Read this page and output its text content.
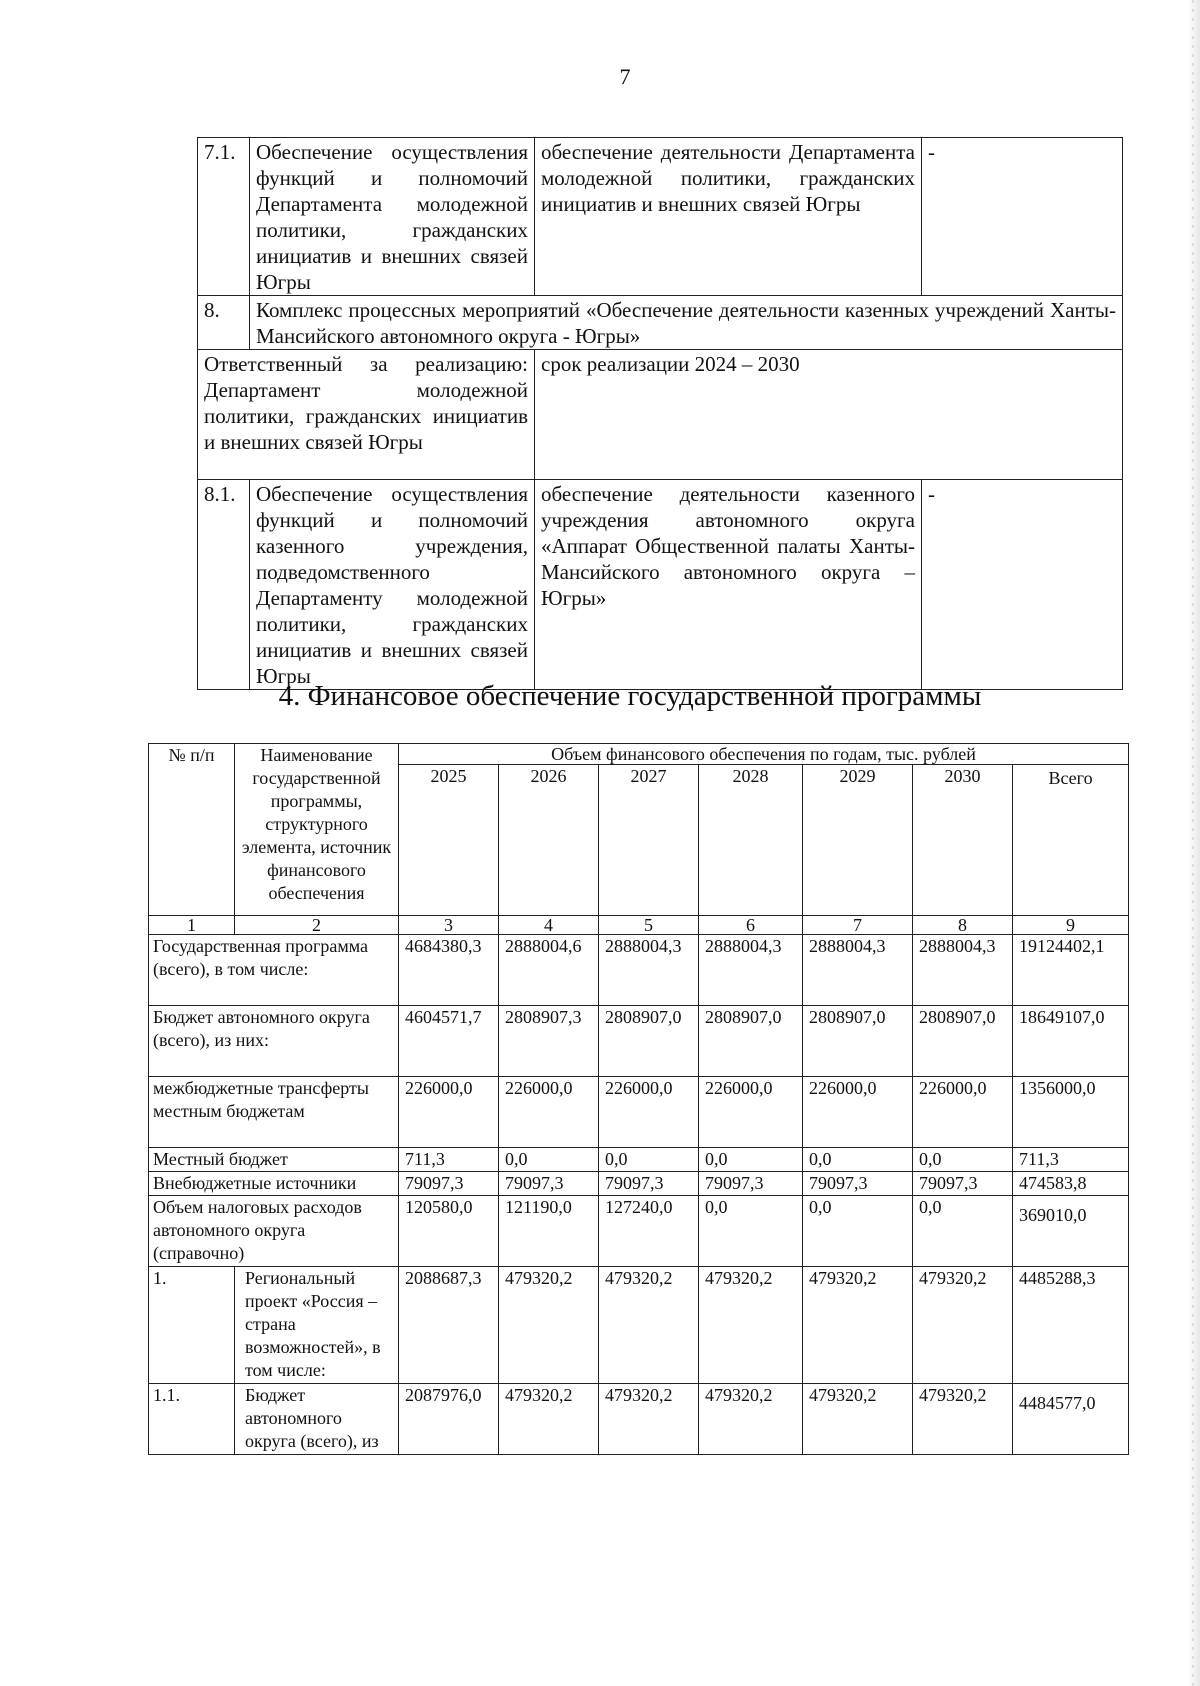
7
7.1.	Обеспечение осуществления функций и полномочий Департамента молодежной политики, гражданских инициатив и внешних связей Югры	обеспечение деятельности Департамента молодежной политики, гражданских инициатив и внешних связей Югры	-
8.	Комплекс процессных мероприятий «Обеспечение деятельности казенных учреждений Ханты-Мансийского автономного округа - Югры»		
Ответственный за реализацию: Департамент молодежной политики, гражданских инициатив и внешних связей Югры		срок реализации 2024 – 2030	
8.1.	Обеспечение осуществления функций и полномочий казенного учреждения, подведомственного Департаменту молодежной политики, гражданских инициатив и внешних связей Югры	обеспечение деятельности казенного учреждения автономного округа «Аппарат Общественной палаты Ханты-Мансийского автономного округа – Югры»	-
4. Финансовое обеспечение государственной программы
№ п/п	Наименование государственной программы, структурного элемента, источник финансового обеспечения	Объем финансового обеспечения по годам, тыс. рублей						
		2025	2026	2027	2028	2029	2030	Всего
1	2	3	4	5	6	7	8	9
Государственная программа (всего), в том числе:		4684380,3	2888004,6	2888004,3	2888004,3	2888004,3	2888004,3	19124402,1
Бюджет автономного округа (всего), из них:		4604571,7	2808907,3	2808907,0	2808907,0	2808907,0	2808907,0	18649107,0
межбюджетные трансферты местным бюджетам		226000,0	226000,0	226000,0	226000,0	226000,0	226000,0	1356000,0
Местный бюджет		711,3	0,0	0,0	0,0	0,0	0,0	711,3
Внебюджетные источники		79097,3	79097,3	79097,3	79097,3	79097,3	79097,3	474583,8
Объем налоговых расходов автономного округа (справочно)		120580,0	121190,0	127240,0	0,0	0,0	0,0	369010,0
1.	Региональный проект «Россия – страна возможностей», в том числе:	2088687,3	479320,2	479320,2	479320,2	479320,2	479320,2	4485288,3
1.1.	Бюджет автономного округа (всего), из	2087976,0	479320,2	479320,2	479320,2	479320,2	479320,2	4484577,0
